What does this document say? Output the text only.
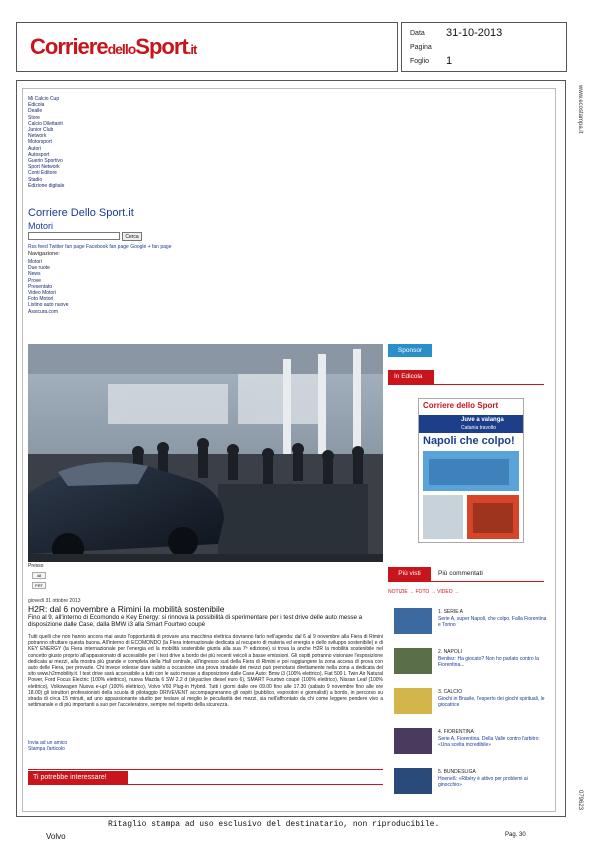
CorrieredelloSport.it
Data 31-10-2013
Pagina
Foglio 1
www.ecostampa.it
079623
Mi Calcio Cup
Edicola
Dealle
Store
Calcio Dilettanti
Junior Club
Network
Motorsport
Autori
Autosport
Guerin Sportivo
Sport Network
Conti Editore
Stadio
Edizione digitale
Corriere Dello Sport.it
Motori
Cerca
Rss feed Twitter fan page Facebook fan page Google + fan page
Navigazione:
Motori
Due ruote
News
Prove
Presentato
Video Motori
Foto Motori
Listino auto nuove
Assicura.com
Presso
48
PRT
giovedì 31 ottobre 2013
H2R: dal 6 novembre a Rimini la mobilità sostenibile
Fino al 9, all'interno di Ecomondo e Key Energy: si rinnova la possibilità di sperimentare per i test drive delle auto messe a disposizione dalle Case, dalla BMW i3 alla Smart Fourtwo coupé
Tutti quelli che non hanno ancora mai avuto l'opportunità di provare una macchina elettrica dovranno farlo nell'agenda: dal 6 al 9 novembre alla Fiera di Rimini potranno sfruttare questa buona. All'interno di ECOMONDO (la Fiera internazionale dedicata al recupero di materia ed energia e dello sviluppo sostenibile) e di KEY ENERGY (la Fiera internazionale per l'energia ed la mobilità sostenibile giunta alla sua 7ª edizione) si trova la anche H2R la mobilità sostenibile nel concetto giusto proprio all'appassionato di accessibile per i test drive a bordo dei più recenti veicoli a basse emissioni. Gli ospiti potranno visionare l'esposizione dedicata ai mezzi, alla mostra più grande e completa della Hall centrale, all'ingresso sud della Fiera di Rimini e poi raggiungere la zona accesa di prova con auto delle Fiera, per provarle. Chi invece volesse dare subito a occasione una prova stradale dei mezzi può prenotarsi direttamente nella zona a dedicata del sito www.h2rmobility.it. I test drive sarà accessibile a tutti con le auto messe a disposizione dalle Case Auto: Bmw i3 (100% elettrico), Fiat 500 L Twin Air Natural Power, Ford Focus Electric (100% elettrico), nuova Mazda 6 SW 2.2 d (skyactive diesel euro 6), SMART Fourtwo coupé (100% elettrico), Nissan Leaf (100% elettrico), Volkswagen Nuova e-up! (100% elettrico), Volvo V60 Plug-in Hybrid. Tutti i giorni dalle ore 09.00 fino alle 17.30 (sabato 9 novembre fino alle ore 18.00) gli istruttori professionisti della scuola di pilotaggio DRIVEVENT accompagneranno gli ospiti (pubblico, espositori e giornalisti) a bordo, in percorso su strada di circa 15 minuti, ad uno appassionante studio per testare al meglio le peculiarità dei mezzi, sia nell'affrontato da chi come leggere pendere vivo a settimanale e di più importanti a suo per l'acceleratore, sempre nel rispetto della sicurezza.
Invia ad un amico
Stampa l'articolo
Ti potrebbe interessare!
Sponsor
In Edicola
Corriere dello Sport
Juve a valanga
Catania travolto
Napoli che colpo!
Più visti	Più commentati
NOTIZIE → FOTO → VIDEO →
1. SERIE A
Serie A, super Napoli, che colpo. Falla Fiorentina e Torino
2. NAPOLI
Benitez: Ha giocato? Non ho parlato contro la Fiorentina...
3. CALCIO
Giochi in Brasile, l'esperto dei giochi spirituali, le giocatrice
4. FIORENTINA
Serie A, Fiorentina. Della Valle contro l'arbitro: «Una scelta incredibile»
5. BUNDESLIGA
Hoeneß: «Ribéry è attivo per problemi ai ginocchio»
Ritaglio stampa ad uso esclusivo del destinatario, non riproducibile.
Volvo	Pag. 30
